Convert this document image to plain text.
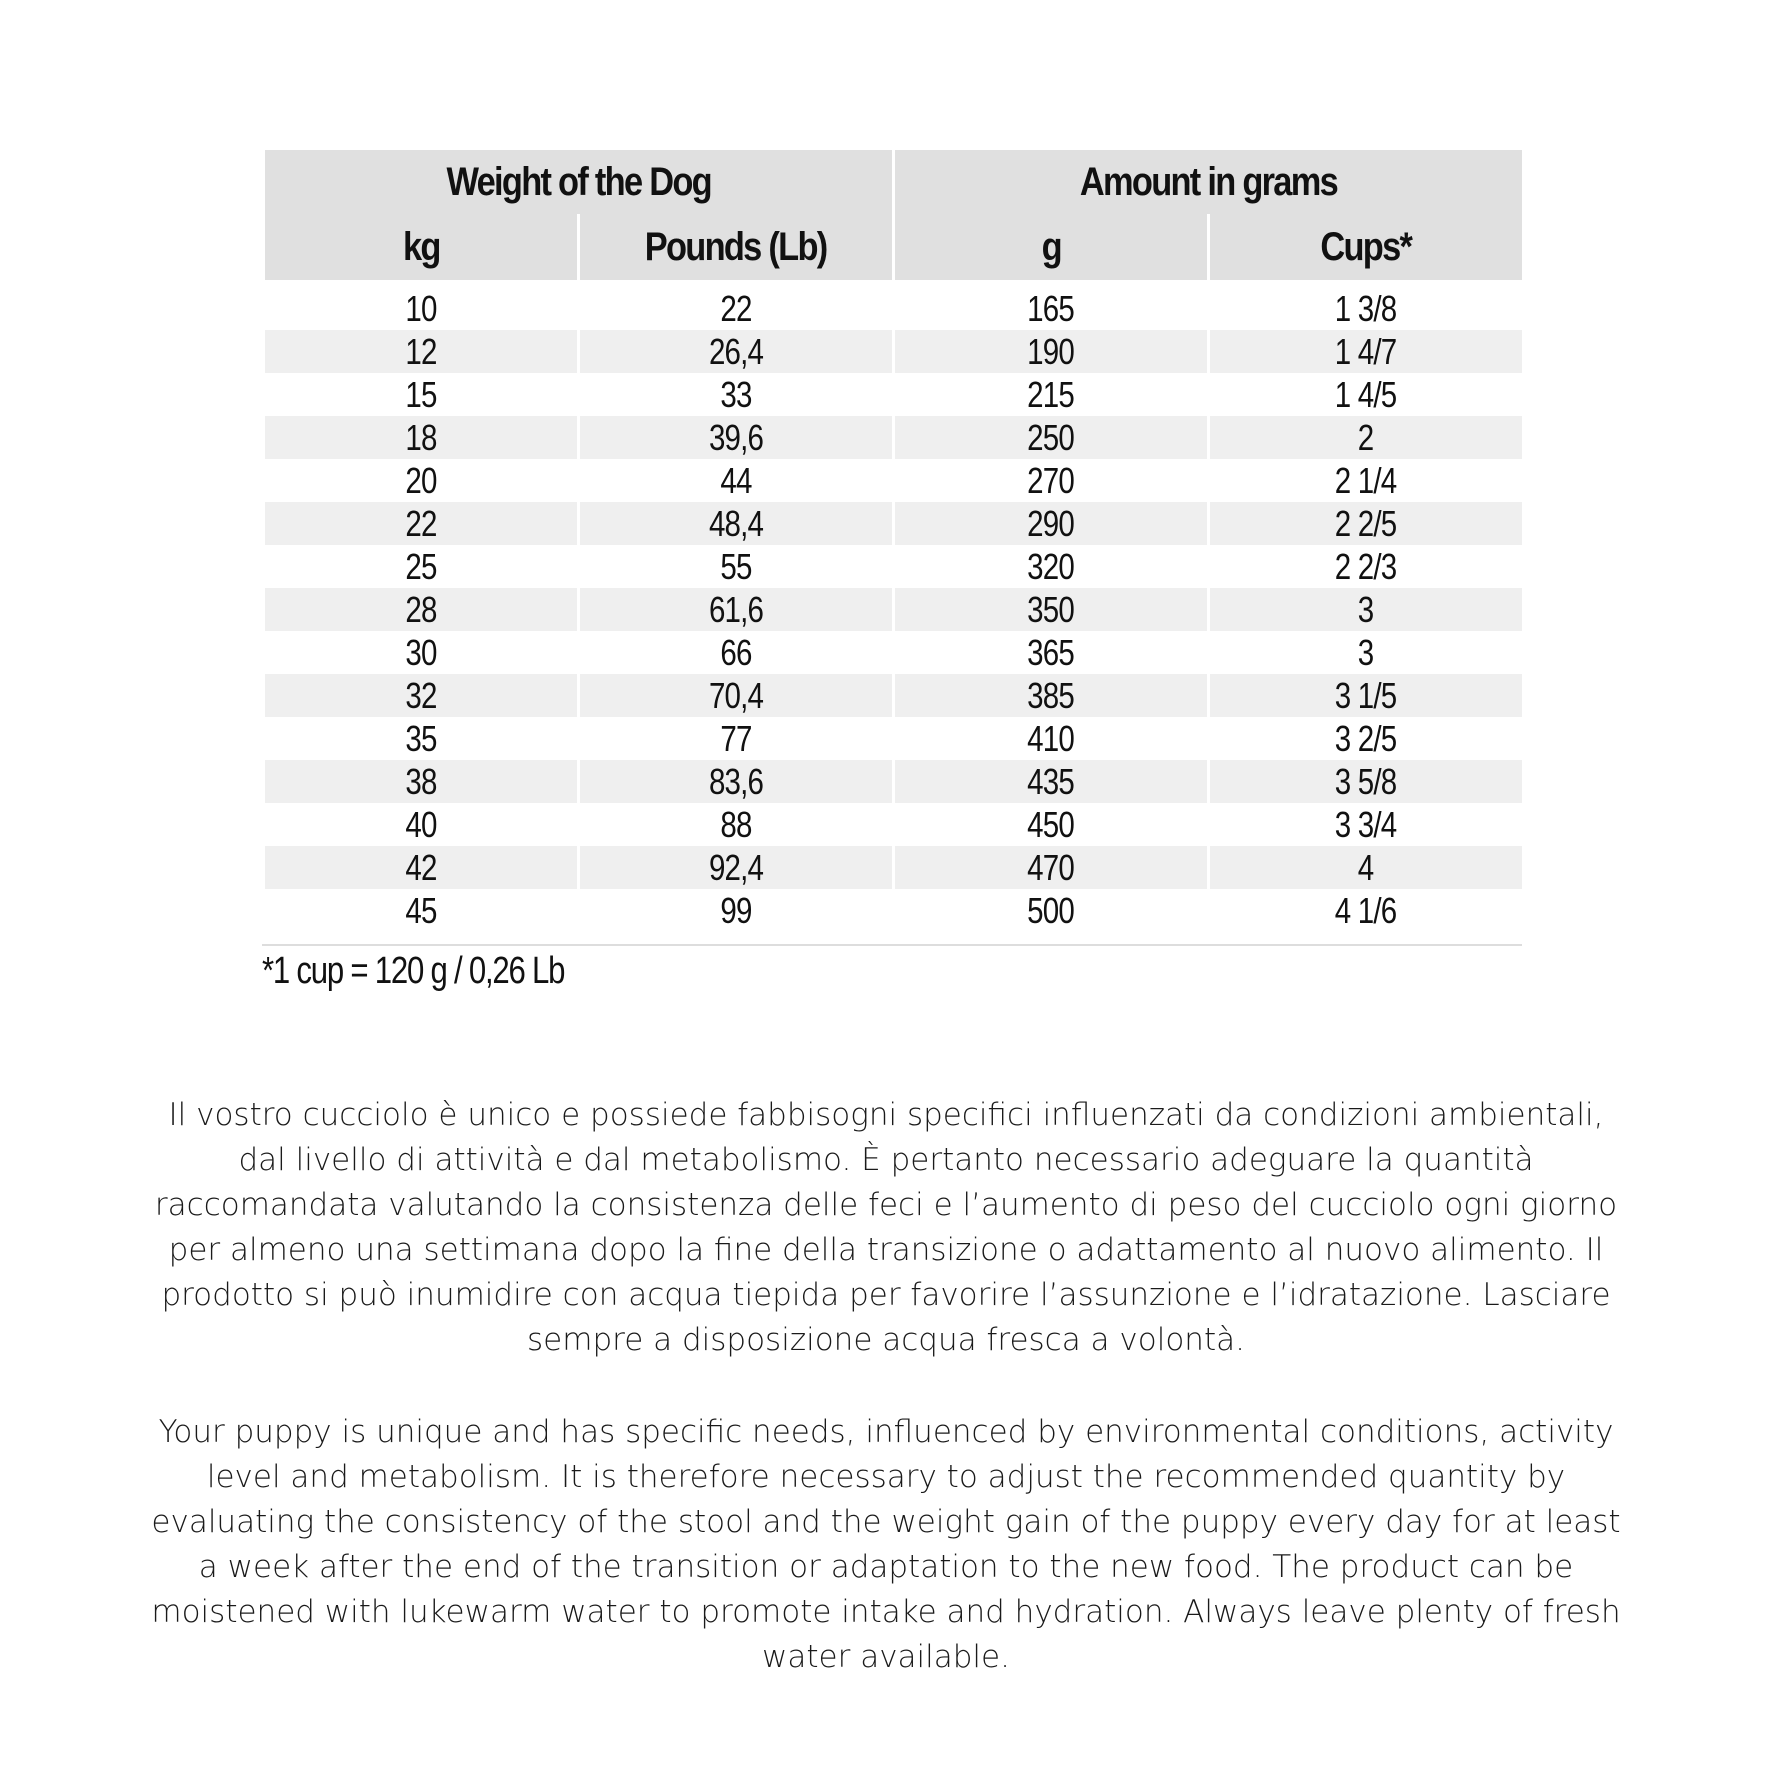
Weight of the Dog		Amount in grams	
kg	Pounds (Lb)	g	Cups*

10	22	165	1 3/8
12	26,4	190	1 4/7
15	33	215	1 4/5
18	39,6	250	2
20	44	270	2 1/4
22	48,4	290	2 2/5
25	55	320	2 2/3
28	61,6	350	3
30	66	365	3
32	70,4	385	3 1/5
35	77	410	3 2/5
38	83,6	435	3 5/8
40	88	450	3 3/4
42	92,4	470	4
45	99	500	4 1/6
*1 cup = 120 g / 0,26 Lb

Il vostro cucciolo è unico e possiede fabbisogni specifici influenzati da condizioni ambientali, dal livello di attività e dal metabolismo. È pertanto necessario adeguare la quantità raccomandata valutando la consistenza delle feci e l’aumento di peso del cucciolo ogni giorno per almeno una settimana dopo la fine della transizione o adattamento al nuovo alimento. Il prodotto si può inumidire con acqua tiepida per favorire l’assunzione e l’idratazione. Lasciare sempre a disposizione acqua fresca a volontà.

Your puppy is unique and has specific needs, influenced by environmental conditions, activity level and metabolism. It is therefore necessary to adjust the recommended quantity by evaluating the consistency of the stool and the weight gain of the puppy every day for at least a week after the end of the transition or adaptation to the new food. The product can be moistened with lukewarm water to promote intake and hydration. Always leave plenty of fresh water available.
